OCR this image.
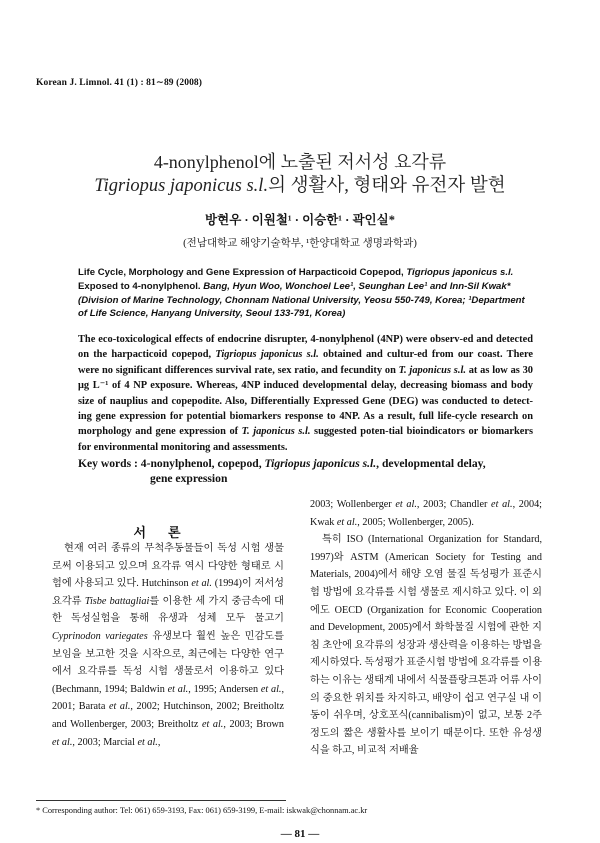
Korean J. Limnol. 41 (1) : 81∼89 (2008)
4-nonylphenol에 노출된 저서성 요각류
Tigriopus japonicus s.l.의 생활사, 형태와 유전자 발현
방현우 · 이원철¹ · 이승한¹ · 곽인실*
(전남대학교 해양기술학부, ¹한양대학교 생명과학과)
Life Cycle, Morphology and Gene Expression of Harpacticoid Copepod, Tigriopus japonicus s.l. Exposed to 4-nonylphenol. Bang, Hyun Woo, Wonchoel Lee¹, Seunghan Lee¹ and Inn-Sil Kwak* (Division of Marine Technology, Chonnam National University, Yeosu 550-749, Korea; ¹Department of Life Science, Hanyang University, Seoul 133-791, Korea)
The eco-toxicological effects of endocrine disrupter, 4-nonylphenol (4NP) were observ-ed and detected on the harpacticoid copepod, Tigriopus japonicus s.l. obtained and cultur-ed from our coast. There were no significant differences survival rate, sex ratio, and fecundity on T. japonicus s.l. at as low as 30 μg L⁻¹ of 4 NP exposure. Whereas, 4NP induced developmental delay, decreasing biomass and body size of nauplius and copepodite. Also, Differentially Expressed Gene (DEG) was conducted to detect-ing gene expression for potential biomarkers response to 4NP. As a result, full life-cycle research on morphology and gene expression of T. japonicus s.l. suggested poten-tial bioindicators or biomarkers for environmental monitoring and assessments.
Key words : 4-nonylphenol, copepod, Tigriopus japonicus s.l., developmental delay,
gene expression
서론

현재 여러 종류의 무척추동물들이 독성 시험 생물로써 이용되고 있으며 요각류 역시 다양한 형태로 시험에 사용되고 있다. Hutchinson et al. (1994)이 저서성 요각류 Tisbe battagliai를 이용한 세 가지 중금속에 대한 독성실험을 통해 유생과 성체 모두 물고기 Cyprinodon variegates 유생보다 훨씬 높은 민감도를 보임을 보고한 것을 시작으로, 최근에는 다양한 연구에서 요각류를 독성 시험 생물로서 이용하고 있다(Bechmann, 1994; Baldwin et al., 1995; Andersen et al., 2001; Barata et al., 2002; Hutchinson, 2002; Breitholtz and Wollenberger, 2003; Breitholtz et al., 2003; Brown et al., 2003; Marcial et al.,

2003; Wollenberger et al., 2003; Chandler et al., 2004; Kwak et al., 2005; Wollenberger, 2005).

특히 ISO (International Organization for Standard, 1997)와 ASTM (American Society for Testing and Materials, 2004)에서 해양 오염 물질 독성평가 표준시험 방법에 요각류를 시험 생물로 제시하고 있다. 이 외에도 OECD (Organization for Economic Cooperation and Development, 2005)에서 화학물질 시험에 관한 지침 초안에 요각류의 성장과 생산력을 이용하는 방법을 제시하였다. 독성평가 표준시험 방법에 요각류를 이용하는 이유는 생태계 내에서 식물플랑크톤과 어류 사이의 중요한 위치를 차지하고, 배양이 쉽고 연구실 내 이동이 쉬우며, 상호포식(cannibalism)이 없고, 보통 2주 정도의 짧은 생활사를 보이기 때문이다. 또한 유성생식을 하고, 비교적 저배율

* Corresponding author: Tel: 061) 659-3193, Fax: 061) 659-3199, E-mail: iskwak@chonnam.ac.kr
— 81 —
